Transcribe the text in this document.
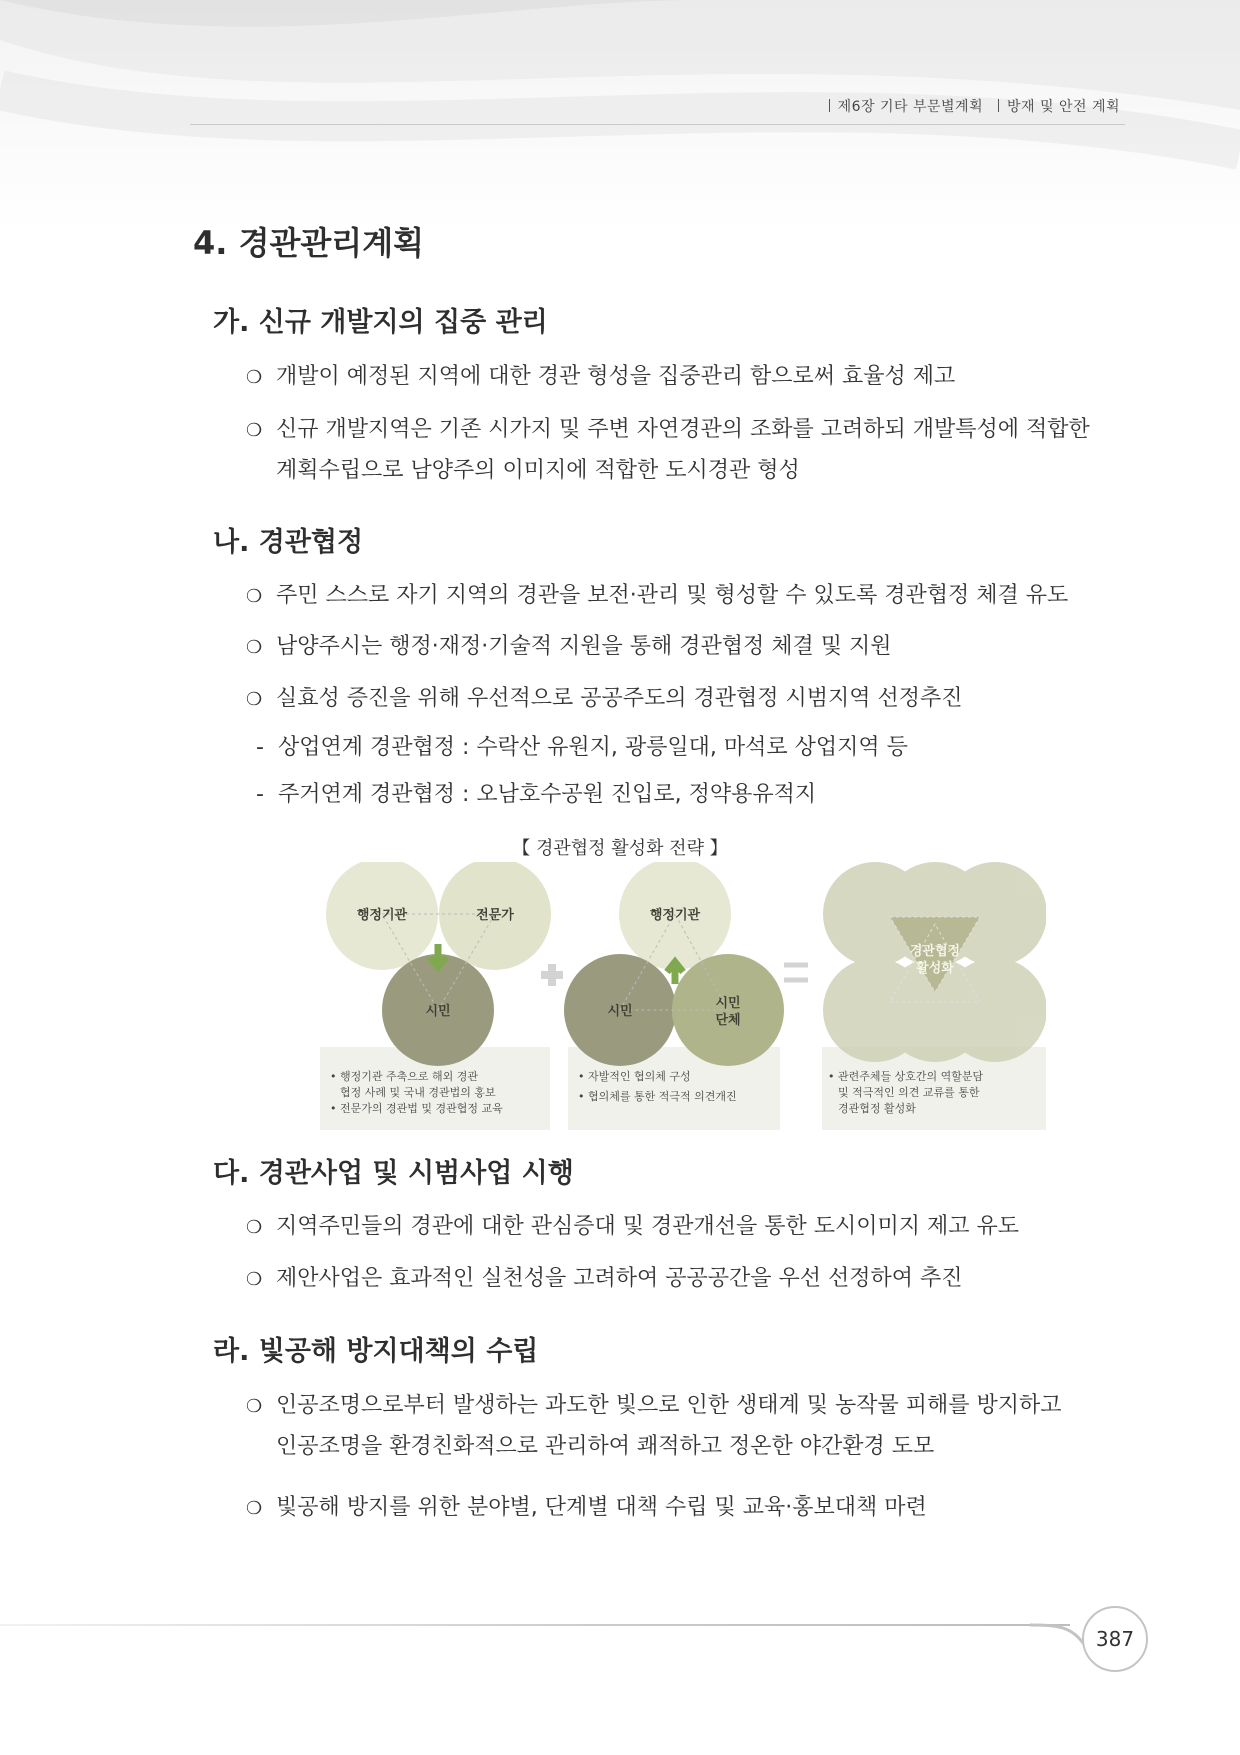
제6장 기타 부문별계획 방재 및 안전 계획
4. 경관관리계획
가. 신규 개발지의 집중 관리
❍ 개발이 예정된 지역에 대한 경관 형성을 집중관리 함으로써 효율성 제고
❍ 신규 개발지역은 기존 시가지 및 주변 자연경관의 조화를 고려하되 개발특성에 적합한
계획수립으로 남양주의 이미지에 적합한 도시경관 형성
나. 경관협정
❍ 주민 스스로 자기 지역의 경관을 보전·관리 및 형성할 수 있도록 경관협정 체결 유도
❍ 남양주시는 행정·재정·기술적 지원을 통해 경관협정 체결 및 지원
❍ 실효성 증진을 위해 우선적으로 공공주도의 경관협정 시범지역 선정추진
- 상업연계 경관협정 : 수락산 유원지, 광릉일대, 마석로 상업지역 등
- 주거연계 경관협정 : 오남호수공원 진입로, 정약용유적지
【 경관협정 활성화 전략 】
행정기관	전문가
시민
행정기관
시민
시민
단체
경관협정
활성화
• 행정기관 주축으로 해외 경관
협정 사례 및 국내 경관법의 홍보
• 전문가의 경관법 및 경관협정 교육
• 자발적인 협의체 구성
• 협의체를 통한 적극적 의견개진
• 관련주체들 상호간의 역할분담
및 적극적인 의견 교류를 통한
경관협정 활성화
다. 경관사업 및 시범사업 시행
❍ 지역주민들의 경관에 대한 관심증대 및 경관개선을 통한 도시이미지 제고 유도
❍ 제안사업은 효과적인 실천성을 고려하여 공공공간을 우선 선정하여 추진
라. 빛공해 방지대책의 수립
❍ 인공조명으로부터 발생하는 과도한 빛으로 인한 생태계 및 농작물 피해를 방지하고
인공조명을 환경친화적으로 관리하여 쾌적하고 정온한 야간환경 도모
❍ 빛공해 방지를 위한 분야별, 단계별 대책 수립 및 교육·홍보대책 마련
387
